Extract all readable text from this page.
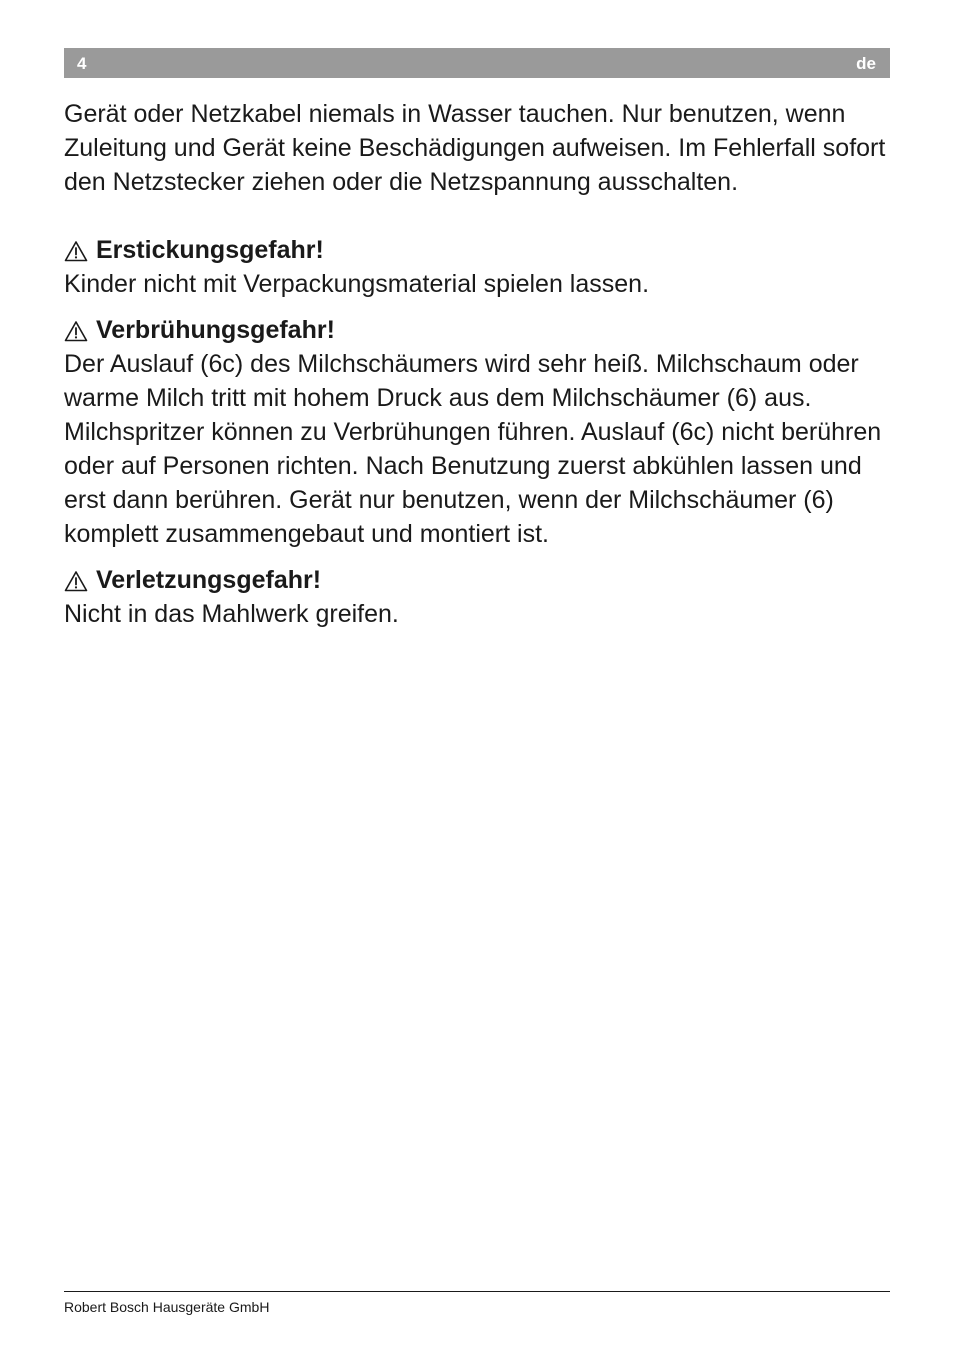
4	de

Gerät oder Netzkabel niemals in Wasser tauchen. Nur benutzen, wenn Zuleitung und Gerät keine Beschädigungen aufweisen. Im Fehlerfall sofort den Netzstecker ziehen oder die Netzspannung ausschalten.

Erstickungsgefahr!

Kinder nicht mit Verpackungsmaterial spielen lassen.

Verbrühungsgefahr!

Der Auslauf (6c) des Milchschäumers wird sehr heiß. Milchschaum oder warme Milch tritt mit hohem Druck aus dem Milchschäumer (6) aus. Milchspritzer können zu Verbrühungen führen. Auslauf (6c) nicht berühren oder auf Personen richten. Nach Benutzung zuerst abkühlen lassen und erst dann berühren. Gerät nur benutzen, wenn der Milchschäumer (6) komplett zusammengebaut und montiert ist.

Verletzungsgefahr!

Nicht in das Mahlwerk greifen.

Robert Bosch Hausgeräte GmbH
